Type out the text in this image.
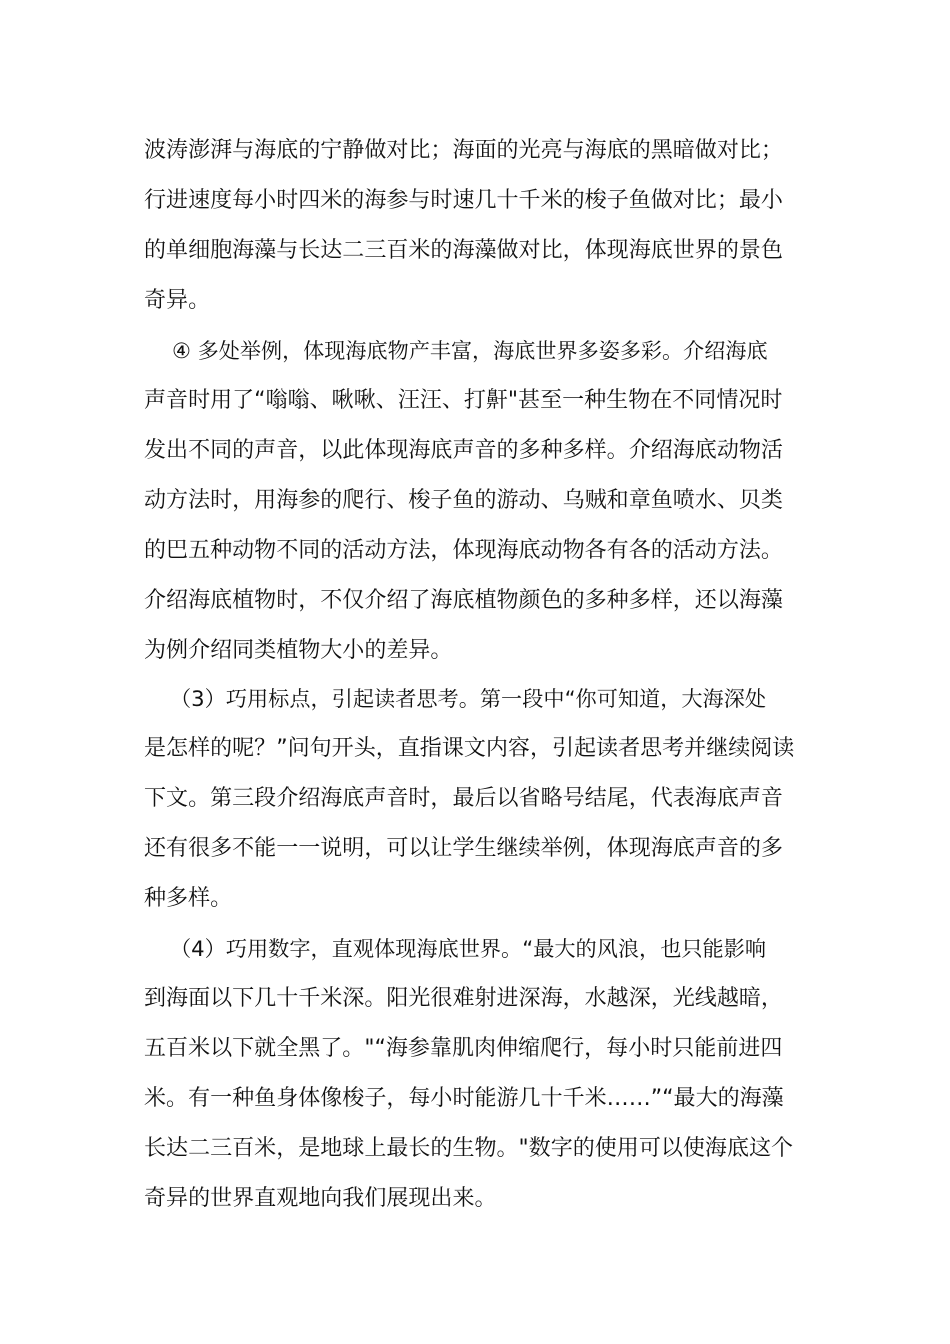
波涛澎湃与海底的宁静做对比；海面的光亮与海底的黑暗做对比；
行进速度每小时四米的海参与时速几十千米的梭子鱼做对比；最小
的单细胞海藻与长达二三百米的海藻做对比，体现海底世界的景色
奇异。
④ 多处举例，体现海底物产丰富，海底世界多姿多彩。介绍海底
声音时用了“嗡嗡、啾啾、汪汪、打鼾"甚至一种生物在不同情况时
发出不同的声音，以此体现海底声音的多种多样。介绍海底动物活
动方法时，用海参的爬行、梭子鱼的游动、乌贼和章鱼喷水、贝类
的巴五种动物不同的活动方法，体现海底动物各有各的活动方法。
介绍海底植物时，不仅介绍了海底植物颜色的多种多样，还以海藻
为例介绍同类植物大小的差异。
（3）巧用标点，引起读者思考。第一段中“你可知道，大海深处
是怎样的呢？”问句开头，直指课文内容，引起读者思考并继续阅读
下文。第三段介绍海底声音时，最后以省略号结尾，代表海底声音
还有很多不能一一说明，可以让学生继续举例，体现海底声音的多
种多样。
（4）巧用数字，直观体现海底世界。“最大的风浪，也只能影响
到海面以下几十千米深。阳光很难射进深海，水越深，光线越暗，
五百米以下就全黑了。"“海参靠肌肉伸缩爬行，每小时只能前进四
米。有一种鱼身体像梭子，每小时能游几十千米……”“最大的海藻
长达二三百米，是地球上最长的生物。"数字的使用可以使海底这个
奇异的世界直观地向我们展现出来。
